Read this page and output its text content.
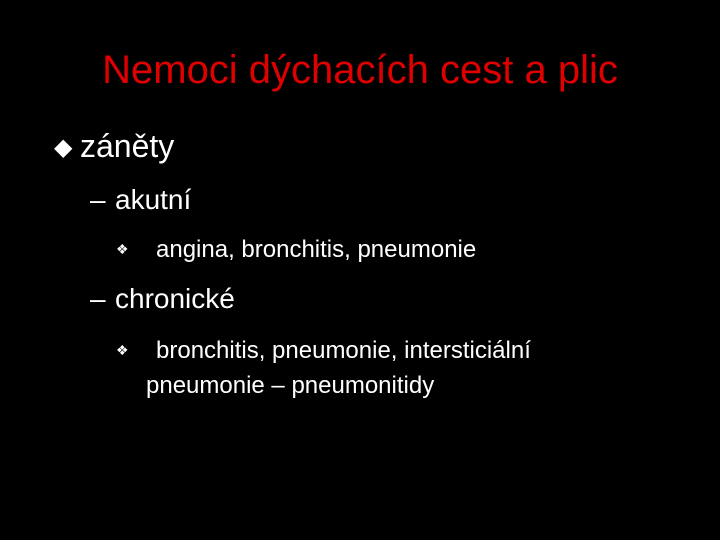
Nemoci dýchacích cest a plic
◆ záněty
– akutní
❖ angina, bronchitis, pneumonie
– chronické
❖ bronchitis, pneumonie, intersticiální
pneumonie – pneumonitidy
